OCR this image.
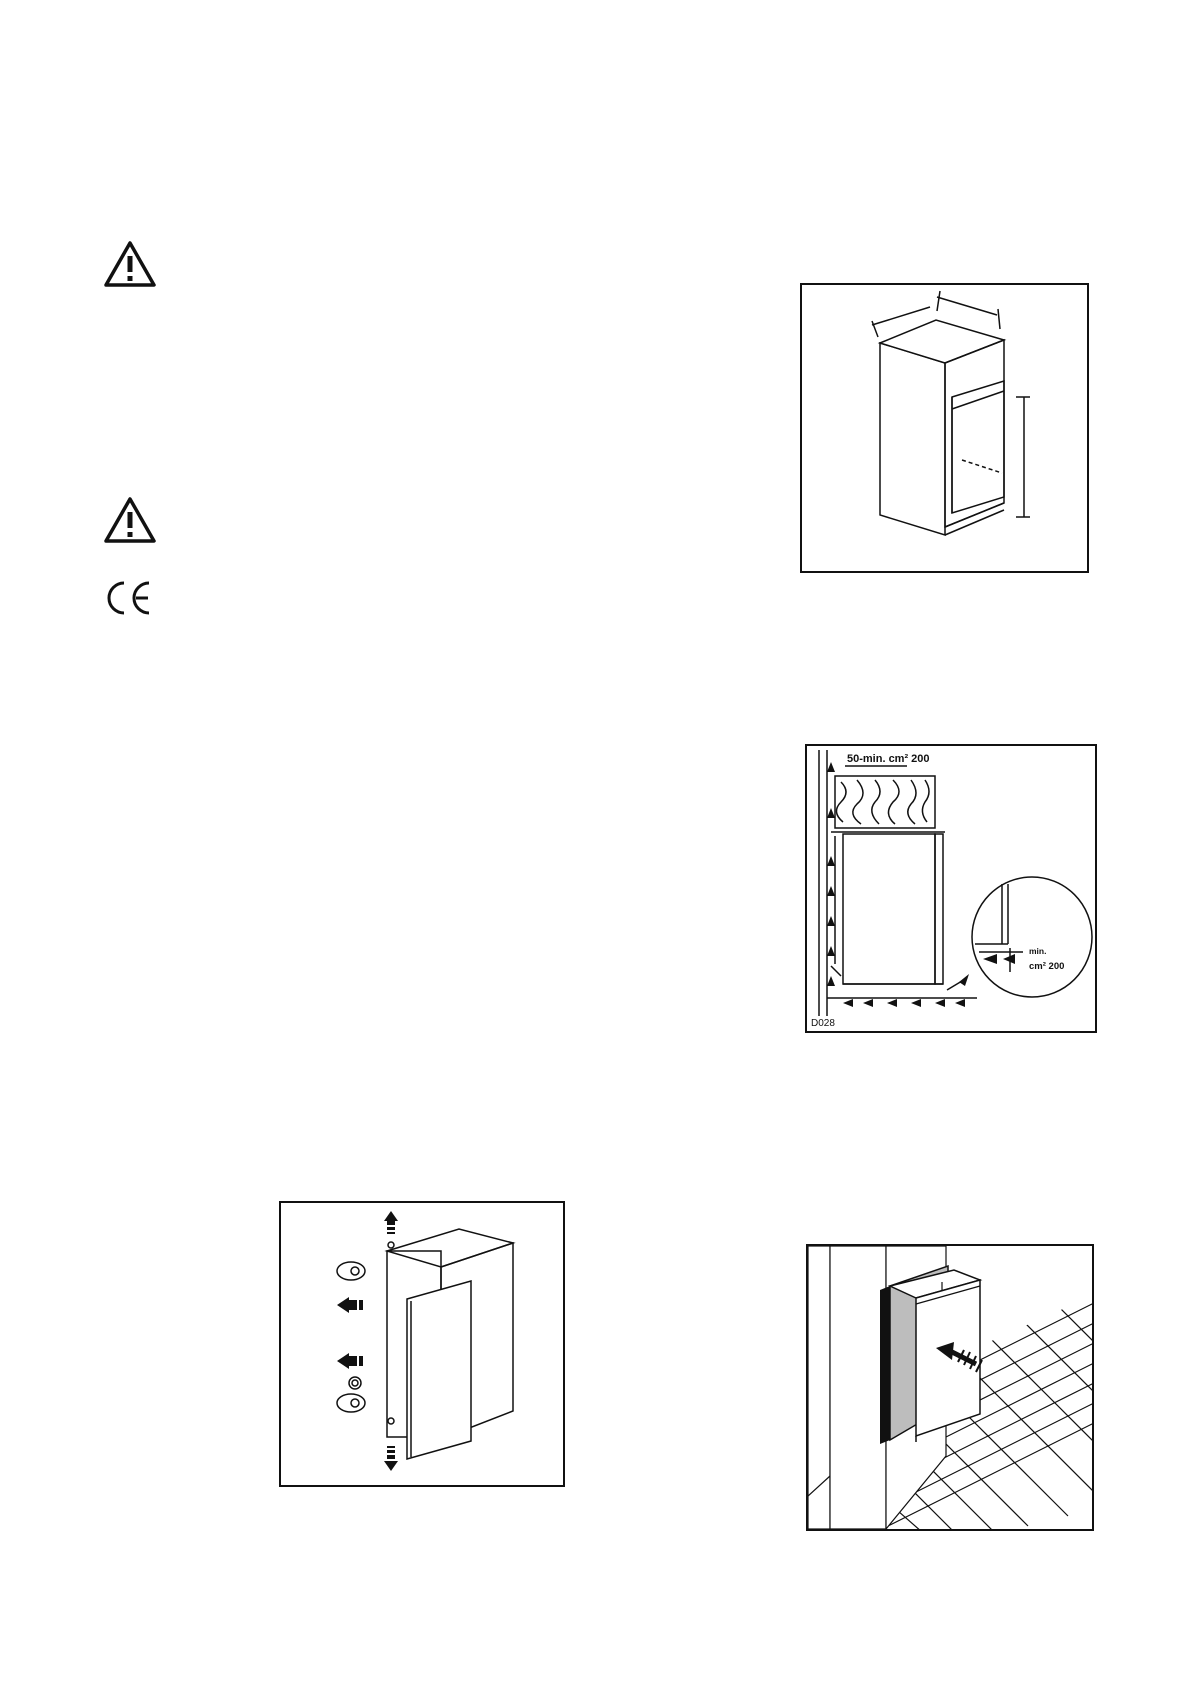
50-min. cm² 200
min.
cm² 200
D028
